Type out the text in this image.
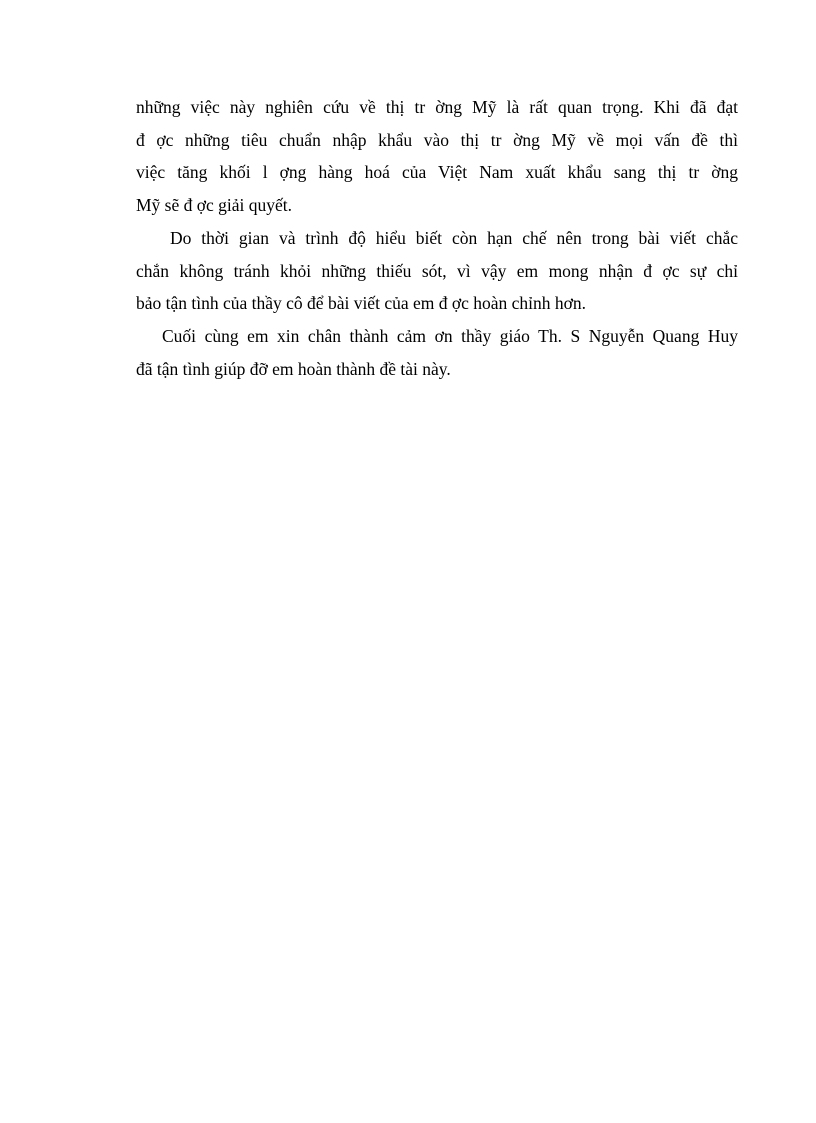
những việc này nghiên cứu về thị tr ờng Mỹ là rất quan trọng. Khi đã đạt
đ ợc những tiêu chuẩn nhập khẩu vào thị tr ờng Mỹ về mọi vấn đề thì
việc tăng khối l ợng hàng hoá của Việt Nam xuất khẩu sang thị tr ờng
Mỹ sẽ đ ợc giải quyết.

Do thời gian và trình độ hiểu biết còn hạn chế nên trong bài viết chắc
chắn không tránh khỏi những thiếu sót, vì vậy em mong nhận đ ợc sự chỉ
bảo tận tình của thầy cô để bài viết của em đ ợc hoàn chỉnh hơn.

Cuối cùng em xin chân thành cảm ơn thầy giáo Th. S Nguyễn Quang Huy
đã tận tình giúp đỡ em hoàn thành đề tài này.
